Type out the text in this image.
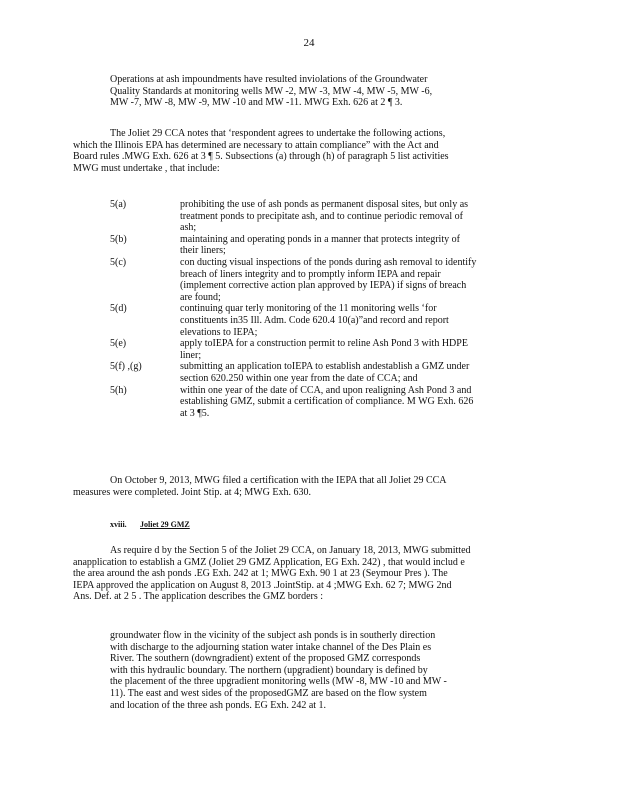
24
Operations at ash impoundments have resulted inviolations of the Groundwater
Quality Standards at monitoring wells MW -2, MW -3, MW -4, MW -5, MW -6,
MW -7, MW -8, MW -9, MW -10 and MW -11. MWG Exh. 626 at 2 ¶ 3.
The Joliet 29 CCA notes that ‘respondent agrees to undertake the following actions,
which the Illinois EPA has determined are necessary to attain compliance” with the Act and
Board rules .MWG Exh. 626 at 3 ¶ 5. Subsections (a) through (h) of paragraph 5 list activities
MWG must undertake , that include:
5(a)	prohibiting the use of ash ponds as permanent disposal sites, but only as
treatment ponds to precipitate ash, and to continue periodic removal of
ash;
5(b)	maintaining and operating ponds in a manner that protects integrity of
their liners;
5(c)	con ducting visual inspections of the ponds during ash removal to identify
breach of liners integrity and to promptly inform IEPA and repair
(implement corrective action plan approved by IEPA) if signs of breach
are found;
5(d)	continuing quar terly monitoring of the 11 monitoring wells ‘for
constituents in35 Ill. Adm. Code 620.4 10(a)”and record and report
elevations to IEPA;
5(e)	apply toIEPA for a construction permit to reline Ash Pond 3 with HDPE
liner;
5(f) ,(g)	submitting an application toIEPA to establish andestablish a GMZ under
section 620.250 within one year from the date of CCA; and
5(h)	within one year of the date of CCA, and upon realigning Ash Pond 3 and
establishing GMZ, submit a certification of compliance. M WG Exh. 626
at 3 ¶5.
On October 9, 2013, MWG filed a certification with the IEPA that all Joliet 29 CCA
measures were completed. Joint Stip. at 4; MWG Exh. 630.
xviii.	Joliet 29 GMZ
As require d by the Section 5 of the Joliet 29 CCA, on January 18, 2013, MWG submitted
anapplication to establish a GMZ (Joliet 29 GMZ Application, EG Exh. 242) , that would includ e
the area around the ash ponds .EG Exh. 242 at 1; MWG Exh. 90 1 at 23 (Seymour Pres ). The
IEPA approved the application on August 8, 2013 .JointStip. at 4 ;MWG Exh. 62 7; MWG 2nd
Ans. Def. at 2 5 . The application describes the GMZ borders :
groundwater flow in the vicinity of the subject ash ponds is in southerly direction
with discharge to the adjourning station water intake channel of the Des Plain es
River. The southern (downgradient) extent of the proposed GMZ corresponds
with this hydraulic boundary. The northern (upgradient) boundary is defined by
the placement of the three upgradient monitoring wells (MW -8, MW -10 and MW -
11). The east and west sides of the proposedGMZ are based on the flow system
and location of the three ash ponds. EG Exh. 242 at 1.
